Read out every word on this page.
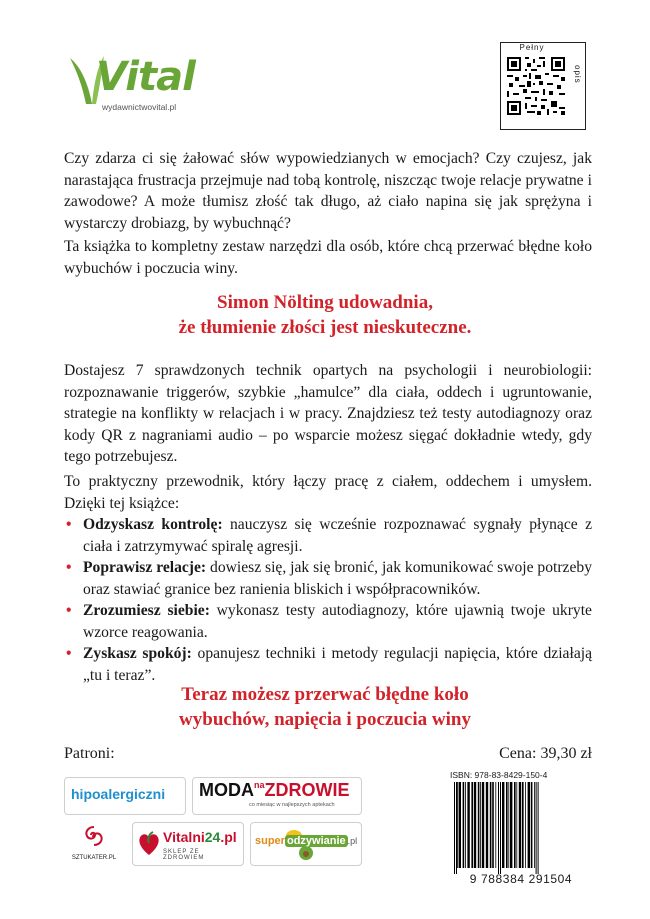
Vital
wydawnictwovital.pl
Pełny
opis

Czy zdarza ci się żałować słów wypowiedzianych w emocjach? Czy czujesz, jak narastająca frustracja przejmuje nad tobą kontrolę, niszcząc twoje relacje prywatne i zawodowe? A może tłumisz złość tak długo, aż ciało napina się jak sprężyna i wystarczy drobiazg, by wybuchnąć?

Ta książka to kompletny zestaw narzędzi dla osób, które chcą przerwać błędne koło wybuchów i poczucia winy.

Simon Nölting udowadnia,
że tłumienie złości jest nieskuteczne.

Dostajesz 7 sprawdzonych technik opartych na psychologii i neurobiologii: rozpoznawanie triggerów, szybkie „hamulce” dla ciała, oddech i ugruntowanie, strategie na konflikty w relacjach i w pracy. Znajdziesz też testy autodiagnozy oraz kody QR z nagraniami audio – po wsparcie możesz sięgać dokładnie wtedy, gdy tego potrzebujesz.

To praktyczny przewodnik, który łączy pracę z ciałem, oddechem i umysłem. Dzięki tej książce:

• Odzyskasz kontrolę: nauczysz się wcześnie rozpoznawać sygnały płynące z ciała i zatrzymywać spiralę agresji.
• Poprawisz relacje: dowiesz się, jak się bronić, jak komunikować swoje potrzeby oraz stawiać granice bez ranienia bliskich i współpracowników.
• Zrozumiesz siebie: wykonasz testy autodiagnozy, które ujawnią twoje ukryte wzorce reagowania.
• Zyskasz spokój: opanujesz techniki i metody regulacji napięcia, które działają „tu i teraz”.
Teraz możesz przerwać błędne koło
wybuchów, napięcia i poczucia winy
Patroni:	Cena: 39,30 zł
ISBN: 978-83-8429-150-4
9 788384 291504
hipoalergiczni $MODA^{na}ZDROWIE$
co miesiąc w najlepszych aptekach
SZTUKATER.PL
Vitalni24.pl
SKLEP ZE ZDROWIEM
super odzywianie .pl
